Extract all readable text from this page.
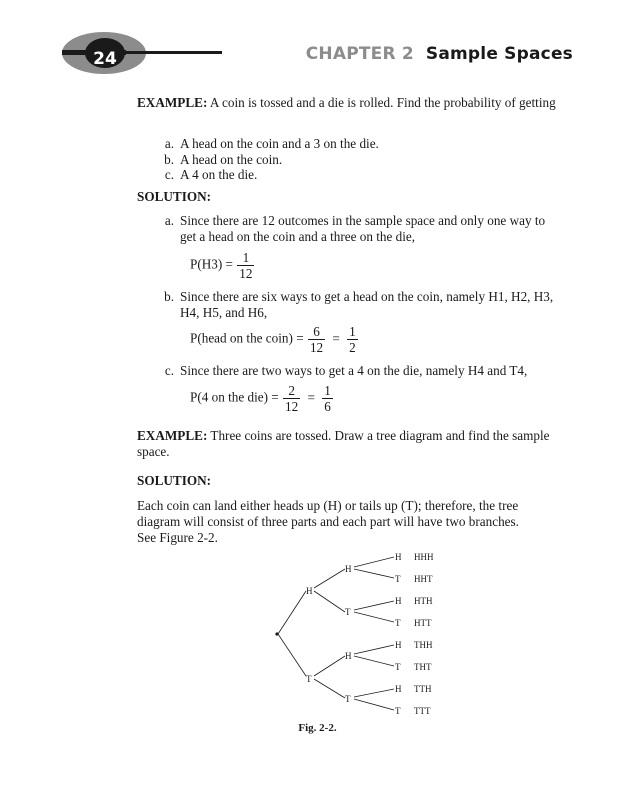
24	CHAPTER 2 Sample Spaces
EXAMPLE: A coin is tossed and a die is rolled. Find the probability of getting
a. A head on the coin and a 3 on the die.
b. A head on the coin.
c. A 4 on the die.
SOLUTION:
a. Since there are 12 outcomes in the sample space and only one way to
get a head on the coin and a three on the die,
$P(H3) = \frac{1}{12}$
b. Since there are six ways to get a head on the coin, namely H1, H2, H3,
H4, H5, and H6,
P(head on the coin) = $\frac{6}{12} = \frac{1}{2}$
c. Since there are two ways to get a 4 on the die, namely H4 and T4,
P(4 on the $die) = \frac{2}{12} = \frac{1}{6}$
EXAMPLE: Three coins are tossed. Draw a tree diagram and find the sample
space.
SOLUTION:
Each coin can land either heads up (H) or tails up (T); therefore, the tree
diagram will consist of three parts and each part will have two branches.
See Figure 2-2.
H
T
H
T
H
T
H
T
H
T
H
T
H
T
HHH
HHT
HTH
HTT
THH
THT
TTH
TTT
Fig. 2-2.
